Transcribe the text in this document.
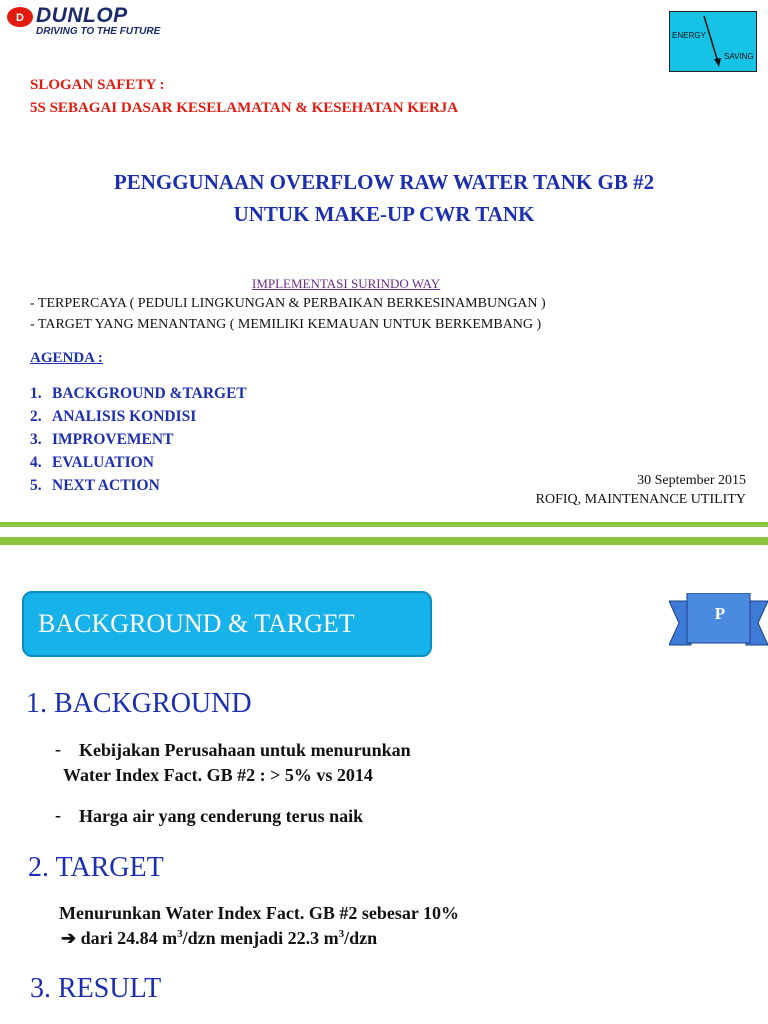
D DUNLOP
DRIVING TO THE FUTURE	ENERGY
SAVING
SLOGAN SAFETY :
5S SEBAGAI DASAR KESELAMATAN & KESEHATAN KERJA
PENGGUNAAN OVERFLOW RAW WATER TANK GB #2
UNTUK MAKE-UP CWR TANK
IMPLEMENTASI SURINDO WAY
- TERPERCAYA ( PEDULI LINGKUNGAN & PERBAIKAN BERKESINAMBUNGAN )
- TARGET YANG MENANTANG ( MEMILIKI KEMAUAN UNTUK BERKEMBANG )
AGENDA :
1. BACKGROUND &TARGET
2. ANALISIS KONDISI
3. IMPROVEMENT
4. EVALUATION
5. NEXT ACTION	30 September 2015
ROFIQ, MAINTENANCE UTILITY
BACKGROUND & TARGET	P
1. BACKGROUND
- Kebijakan Perusahaan untuk menurunkan
Water Index Fact. GB #2 : > 5% vs 2014
- Harga air yang cenderung terus naik
2. TARGET
Menurunkan Water Index Fact. GB #2 sebesar 10%
➔ dari 24.84 $m^3$/dzn menjadi 22.3 $m^3$/dzn
3. RESULT
